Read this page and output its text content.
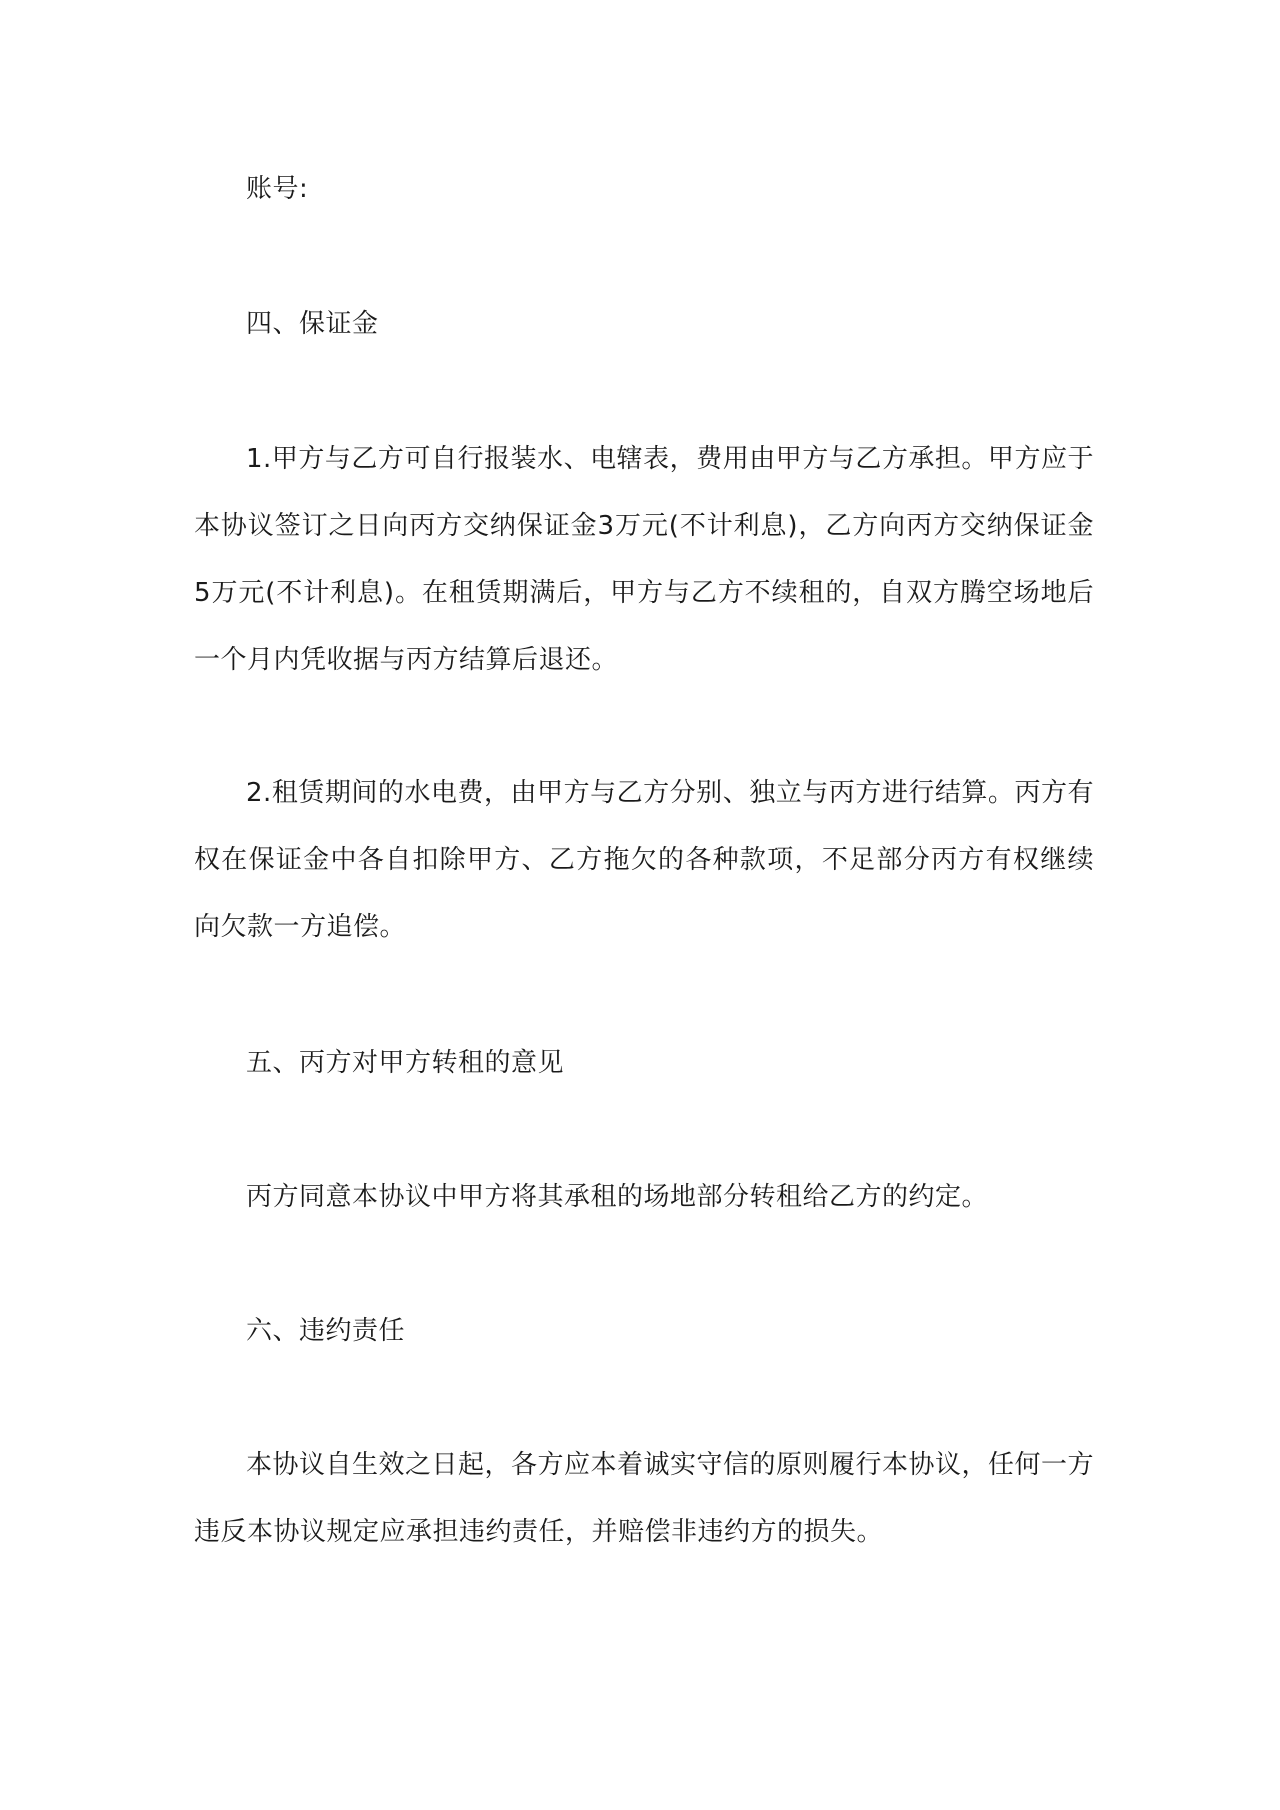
账号:

四、保证金

1.甲方与乙方可自行报装水、电辖表，费用由甲方与乙方承担。甲方应于本协议签订之日向丙方交纳保证金3万元(不计利息)，乙方向丙方交纳保证金5万元(不计利息)。在租赁期满后，甲方与乙方不续租的，自双方腾空场地后一个月内凭收据与丙方结算后退还。

2.租赁期间的水电费，由甲方与乙方分别、独立与丙方进行结算。丙方有权在保证金中各自扣除甲方、乙方拖欠的各种款项，不足部分丙方有权继续向欠款一方追偿。

五、丙方对甲方转租的意见

丙方同意本协议中甲方将其承租的场地部分转租给乙方的约定。

六、违约责任

本协议自生效之日起，各方应本着诚实守信的原则履行本协议，任何一方违反本协议规定应承担违约责任，并赔偿非违约方的损失。
